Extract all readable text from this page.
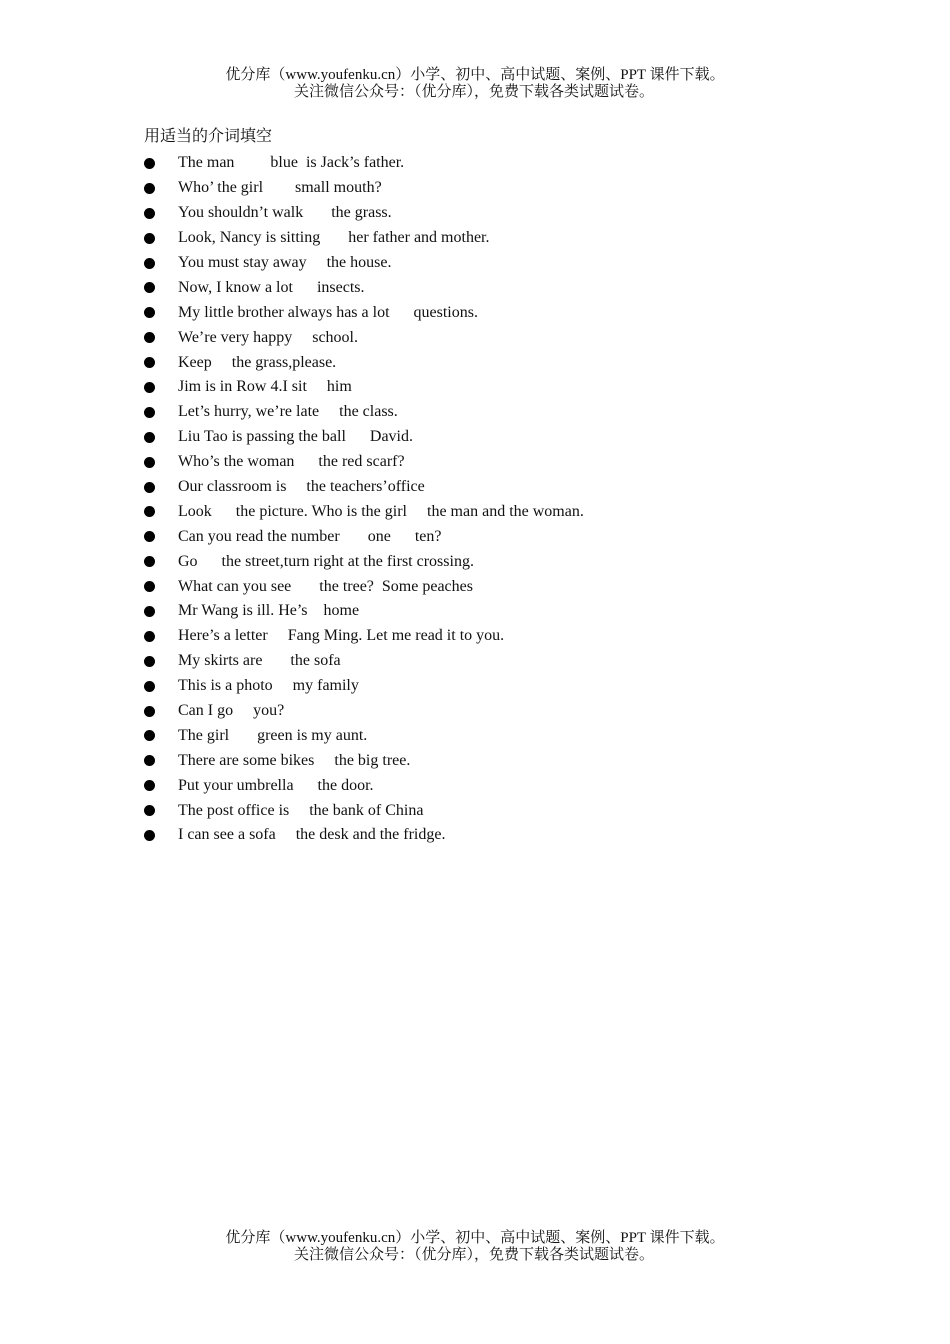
优分库（www.youfenku.cn）小学、初中、高中试题、案例、PPT 课件下载。
关注微信公众号：（优分库），免费下载各类试题试卷。
用适当的介词填空
The man         blue  is Jack’s father.
Who’ the girl        small mouth?
You shouldn’t walk       the grass.
Look, Nancy is sitting       her father and mother.
You must stay away     the house.
Now, I know a lot      insects.
My little brother always has a lot      questions.
We’re very happy     school.
Keep     the grass,please.
Jim is in Row 4.I sit     him
Let’s hurry, we’re late     the class.
Liu Tao is passing the ball      David.
Who’s the woman      the red scarf?
Our classroom is     the teachers’office
Look      the picture. Who is the girl     the man and the woman.
Can you read the number       one      ten?
Go      the street,turn right at the first crossing.
What can you see       the tree?  Some peaches
Mr Wang is ill. He’s    home
Here’s a letter     Fang Ming. Let me read it to you.
My skirts are       the sofa
This is a photo     my family
Can I go     you?
The girl       green is my aunt.
There are some bikes     the big tree.
Put your umbrella      the door.
The post office is     the bank of China
I can see a sofa     the desk and the fridge.
优分库（www.youfenku.cn）小学、初中、高中试题、案例、PPT 课件下载。
关注微信公众号：（优分库），免费下载各类试题试卷。
